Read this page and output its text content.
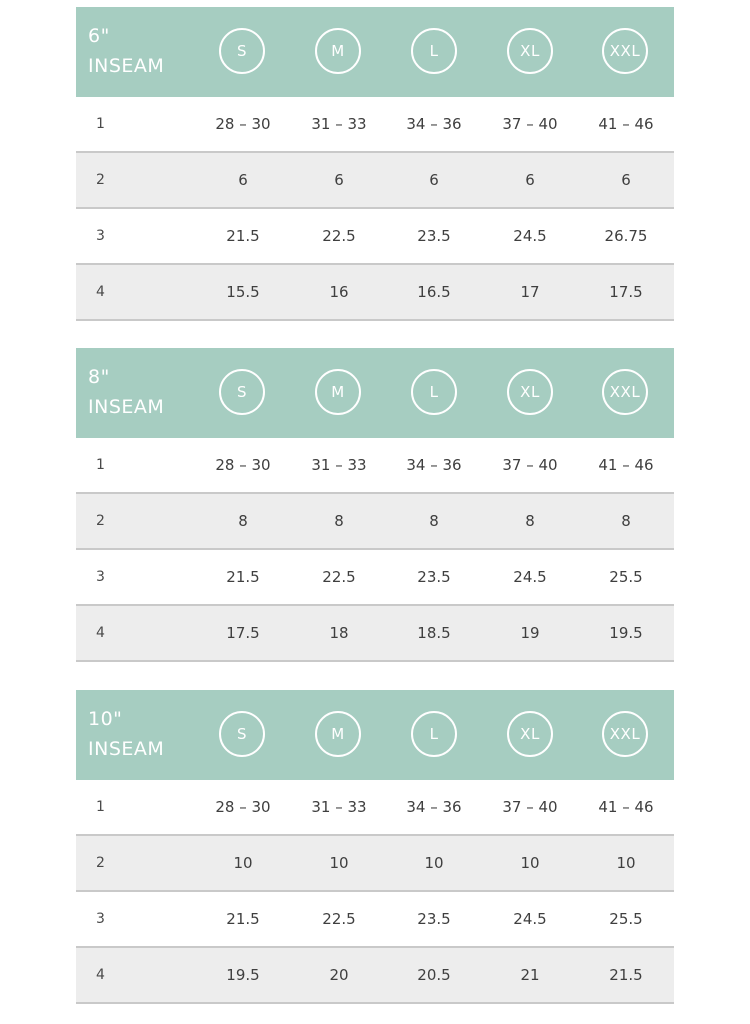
6"
INSEAM
S	M	L	XL	XXL
1	28 – 30	31 – 33	34 – 36	37 – 40	41 – 46
2	6	6	6	6	6
3	21.5	22.5	23.5	24.5	26.75
4	15.5	16	16.5	17	17.5
8"
INSEAM
S	M	L	XL	XXL
1	28 – 30	31 – 33	34 – 36	37 – 40	41 – 46
2	8	8	8	8	8
3	21.5	22.5	23.5	24.5	25.5
4	17.5	18	18.5	19	19.5
10"
INSEAM
S	M	L	XL	XXL
1	28 – 30	31 – 33	34 – 36	37 – 40	41 – 46
2	10	10	10	10	10
3	21.5	22.5	23.5	24.5	25.5
4	19.5	20	20.5	21	21.5
